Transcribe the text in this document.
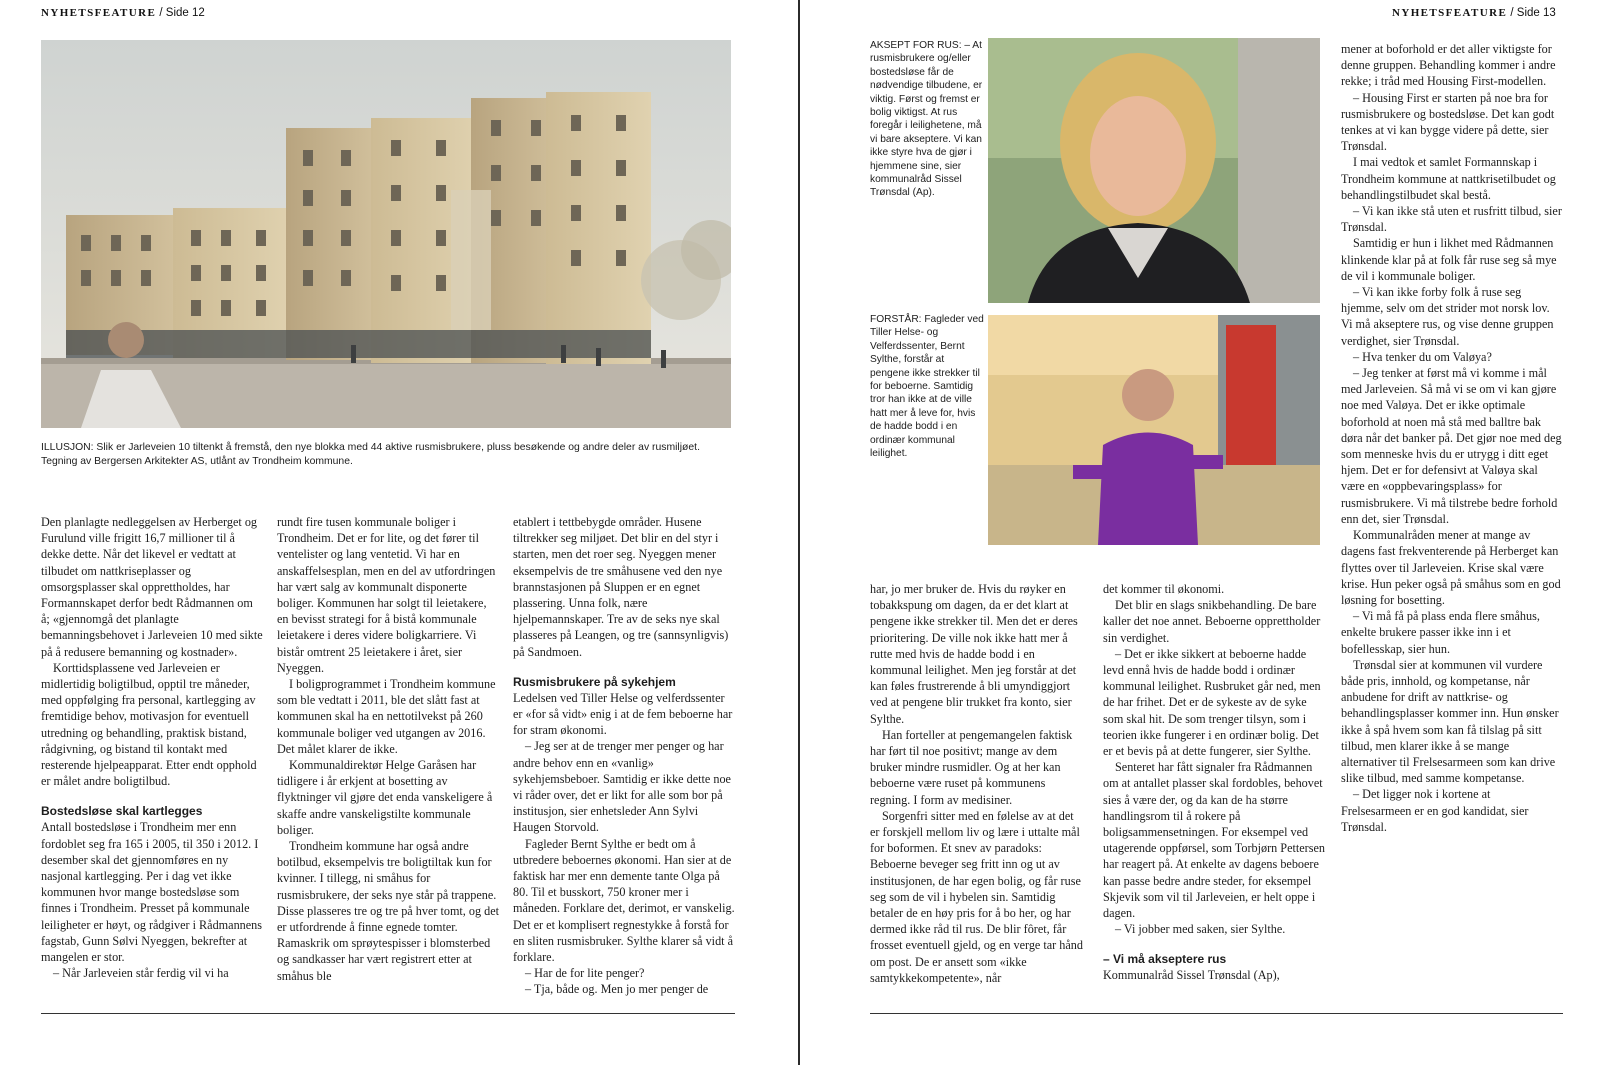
NYHETSFEATURE / Side 12	NYHETSFEATURE / Side 13
ILLUSJON: Slik er Jarleveien 10 tiltenkt å fremstå, den nye blokka med 44 aktive rusmisbrukere, pluss besøkende og andre deler av rusmiljøet. Tegning av Bergersen Arkitekter AS, utlånt av Trondheim kommune.

Den planlagte nedleggelsen av Herberget og Furulund ville frigitt 16,7 millioner til å dekke dette. Når det likevel er vedtatt at tilbudet om nattkriseplasser og omsorgsplasser skal opprettholdes, har Formannskapet derfor bedt Rådmannen om å; «gjennomgå det planlagte bemanningsbehovet i Jarleveien 10 med sikte på å redusere bemanning og kostnader».

Korttidsplassene ved Jarleveien er midlertidig boligtilbud, opptil tre måneder, med oppfølging fra personal, kartlegging av fremtidige behov, motivasjon for eventuell utredning og behandling, praktisk bistand, rådgivning, og bistand til kontakt med resterende hjelpeapparat. Etter endt opphold er målet andre boligtilbud.

Bostedsløse skal kartlegges

Antall bostedsløse i Trondheim mer enn fordoblet seg fra 165 i 2005, til 350 i 2012. I desember skal det gjennomføres en ny nasjonal kartlegging. Per i dag vet ikke kommunen hvor mange bostedsløse som finnes i Trondheim. Presset på kommunale leiligheter er høyt, og rådgiver i Rådmannens fagstab, Gunn Sølvi Nyeggen, bekrefter at mangelen er stor.

– Når Jarleveien står ferdig vil vi ha

rundt fire tusen kommunale boliger i Trondheim. Det er for lite, og det fører til ventelister og lang ventetid. Vi har en anskaffelsesplan, men en del av utfordringen har vært salg av kommunalt disponerte boliger. Kommunen har solgt til leietakere, en bevisst strategi for å bistå kommunale leietakere i deres videre boligkarriere. Vi bistår omtrent 25 leietakere i året, sier Nyeggen.

I boligprogrammet i Trondheim kommune som ble vedtatt i 2011, ble det slått fast at kommunen skal ha en nettotilvekst på 260 kommunale boliger ved utgangen av 2016. Det målet klarer de ikke.

Kommunaldirektør Helge Garåsen har tidligere i år erkjent at bosetting av flyktninger vil gjøre det enda vanskeligere å skaffe andre vanskeligstilte kommunale boliger.

Trondheim kommune har også andre botilbud, eksempelvis tre boligtiltak kun for kvinner. I tillegg, ni småhus for rusmisbrukere, der seks nye står på trappene. Disse plasseres tre og tre på hver tomt, og det er utfordrende å finne egnede tomter. Ramaskrik om sprøytespisser i blomsterbed og sandkasser har vært registrert etter at småhus ble

etablert i tettbebygde områder. Husene tiltrekker seg miljøet. Det blir en del styr i starten, men det roer seg. Nyeggen mener eksempelvis de tre småhusene ved den nye brannstasjonen på Sluppen er en egnet plassering. Unna folk, nære hjelpemannskaper. Tre av de seks nye skal plasseres på Leangen, og tre (sannsynligvis) på Sandmoen.

Rusmisbrukere på sykehjem

Ledelsen ved Tiller Helse og velferdssenter er «for så vidt» enig i at de fem beboerne har for stram økonomi.

– Jeg ser at de trenger mer penger og har andre behov enn en «vanlig» sykehjemsbeboer. Samtidig er ikke dette noe vi råder over, det er likt for alle som bor på institusjon, sier enhetsleder Ann Sylvi Haugen Storvold.

Fagleder Bernt Sylthe er bedt om å utbredere beboernes økonomi. Han sier at de faktisk har mer enn demente tante Olga på 80. Til et busskort, 750 kroner mer i måneden. Forklare det, derimot, er vanskelig. Det er et komplisert regnestykke å forstå for en sliten rusmisbruker. Sylthe klarer så vidt å forklare.

– Har de for lite penger?

– Tja, både og. Men jo mer penger de

AKSEPT FOR RUS: – At rusmisbrukere og/eller bostedsløse får de nødvendige tilbudene, er viktig. Først og fremst er bolig viktigst. At rus foregår i leilighetene, må vi bare akseptere. Vi kan ikke styre hva de gjør i hjemmene sine, sier kommunalråd Sissel Trønsdal (Ap).
FORSTÅR: Fagleder ved Tiller Helse- og Velferdssenter, Bernt Sylthe, forstår at pengene ikke strekker til for beboerne. Samtidig tror han ikke at de ville hatt mer å leve for, hvis de hadde bodd i en ordinær kommunal leilighet.

har, jo mer bruker de. Hvis du røyker en tobakkspung om dagen, da er det klart at pengene ikke strekker til. Men det er deres prioritering. De ville nok ikke hatt mer å rutte med hvis de hadde bodd i en kommunal leilighet. Men jeg forstår at det kan føles frustrerende å bli umyndiggjort ved at pengene blir trukket fra konto, sier Sylthe.

Han forteller at pengemangelen faktisk har ført til noe positivt; mange av dem bruker mindre rusmidler. Og at her kan beboerne være ruset på kommunens regning. I form av medisiner.

Sorgenfri sitter med en følelse av at det er forskjell mellom liv og lære i uttalte mål for boformen. Et snev av paradoks: Beboerne beveger seg fritt inn og ut av institusjonen, de har egen bolig, og får ruse seg som de vil i hybelen sin. Samtidig betaler de en høy pris for å bo her, og har dermed ikke råd til rus. De blir fôret, får frosset eventuell gjeld, og en verge tar hånd om post. De er ansett som «ikke samtykkekompetente», når

det kommer til økonomi.

Det blir en slags snikbehandling. De bare kaller det noe annet. Beboerne opprettholder sin verdighet.

– Det er ikke sikkert at beboerne hadde levd ennå hvis de hadde bodd i ordinær kommunal leilighet. Rusbruket går ned, men de har frihet. Det er de sykeste av de syke som skal hit. De som trenger tilsyn, som i teorien ikke fungerer i en ordinær bolig. Det er et bevis på at dette fungerer, sier Sylthe.

Senteret har fått signaler fra Rådmannen om at antallet plasser skal fordobles, behovet sies å være der, og da kan de ha større handlingsrom til å rokere på boligsammensetningen. For eksempel ved utagerende oppførsel, som Torbjørn Pettersen har reagert på. At enkelte av dagens beboere kan passe bedre andre steder, for eksempel Skjevik som vil til Jarleveien, er helt oppe i dagen.

– Vi jobber med saken, sier Sylthe.

– Vi må akseptere rus

Kommunalråd Sissel Trønsdal (Ap),

mener at boforhold er det aller viktigste for denne gruppen. Behandling kommer i andre rekke; i tråd med Housing First-modellen.

– Housing First er starten på noe bra for rusmisbrukere og bostedsløse. Det kan godt tenkes at vi kan bygge videre på dette, sier Trønsdal.

I mai vedtok et samlet Formannskap i Trondheim kommune at nattkrisetilbudet og behandlingstilbudet skal bestå.

– Vi kan ikke stå uten et rusfritt tilbud, sier Trønsdal.

Samtidig er hun i likhet med Rådmannen klinkende klar på at folk får ruse seg så mye de vil i kommunale boliger.

– Vi kan ikke forby folk å ruse seg hjemme, selv om det strider mot norsk lov. Vi må akseptere rus, og vise denne gruppen verdighet, sier Trønsdal.

– Hva tenker du om Valøya?

– Jeg tenker at først må vi komme i mål med Jarleveien. Så må vi se om vi kan gjøre noe med Valøya. Det er ikke optimale boforhold at noen må stå med balltre bak døra når det banker på. Det gjør noe med deg som menneske hvis du er utrygg i ditt eget hjem. Det er for defensivt at Valøya skal være en «oppbevaringsplass» for rusmisbrukere. Vi må tilstrebe bedre forhold enn det, sier Trønsdal.

Kommunalråden mener at mange av dagens fast frekventerende på Herberget kan flyttes over til Jarleveien. Krise skal være krise. Hun peker også på småhus som en god løsning for bosetting.

– Vi må få på plass enda flere småhus, enkelte brukere passer ikke inn i et bofellesskap, sier hun.

Trønsdal sier at kommunen vil vurdere både pris, innhold, og kompetanse, når anbudene for drift av nattkrise- og behandlingsplasser kommer inn. Hun ønsker ikke å spå hvem som kan få tilslag på sitt tilbud, men klarer ikke å se mange alternativer til Frelsesarmeen som kan drive slike tilbud, med samme kompetanse.

– Det ligger nok i kortene at Frelsesarmeen er en god kandidat, sier Trønsdal.
